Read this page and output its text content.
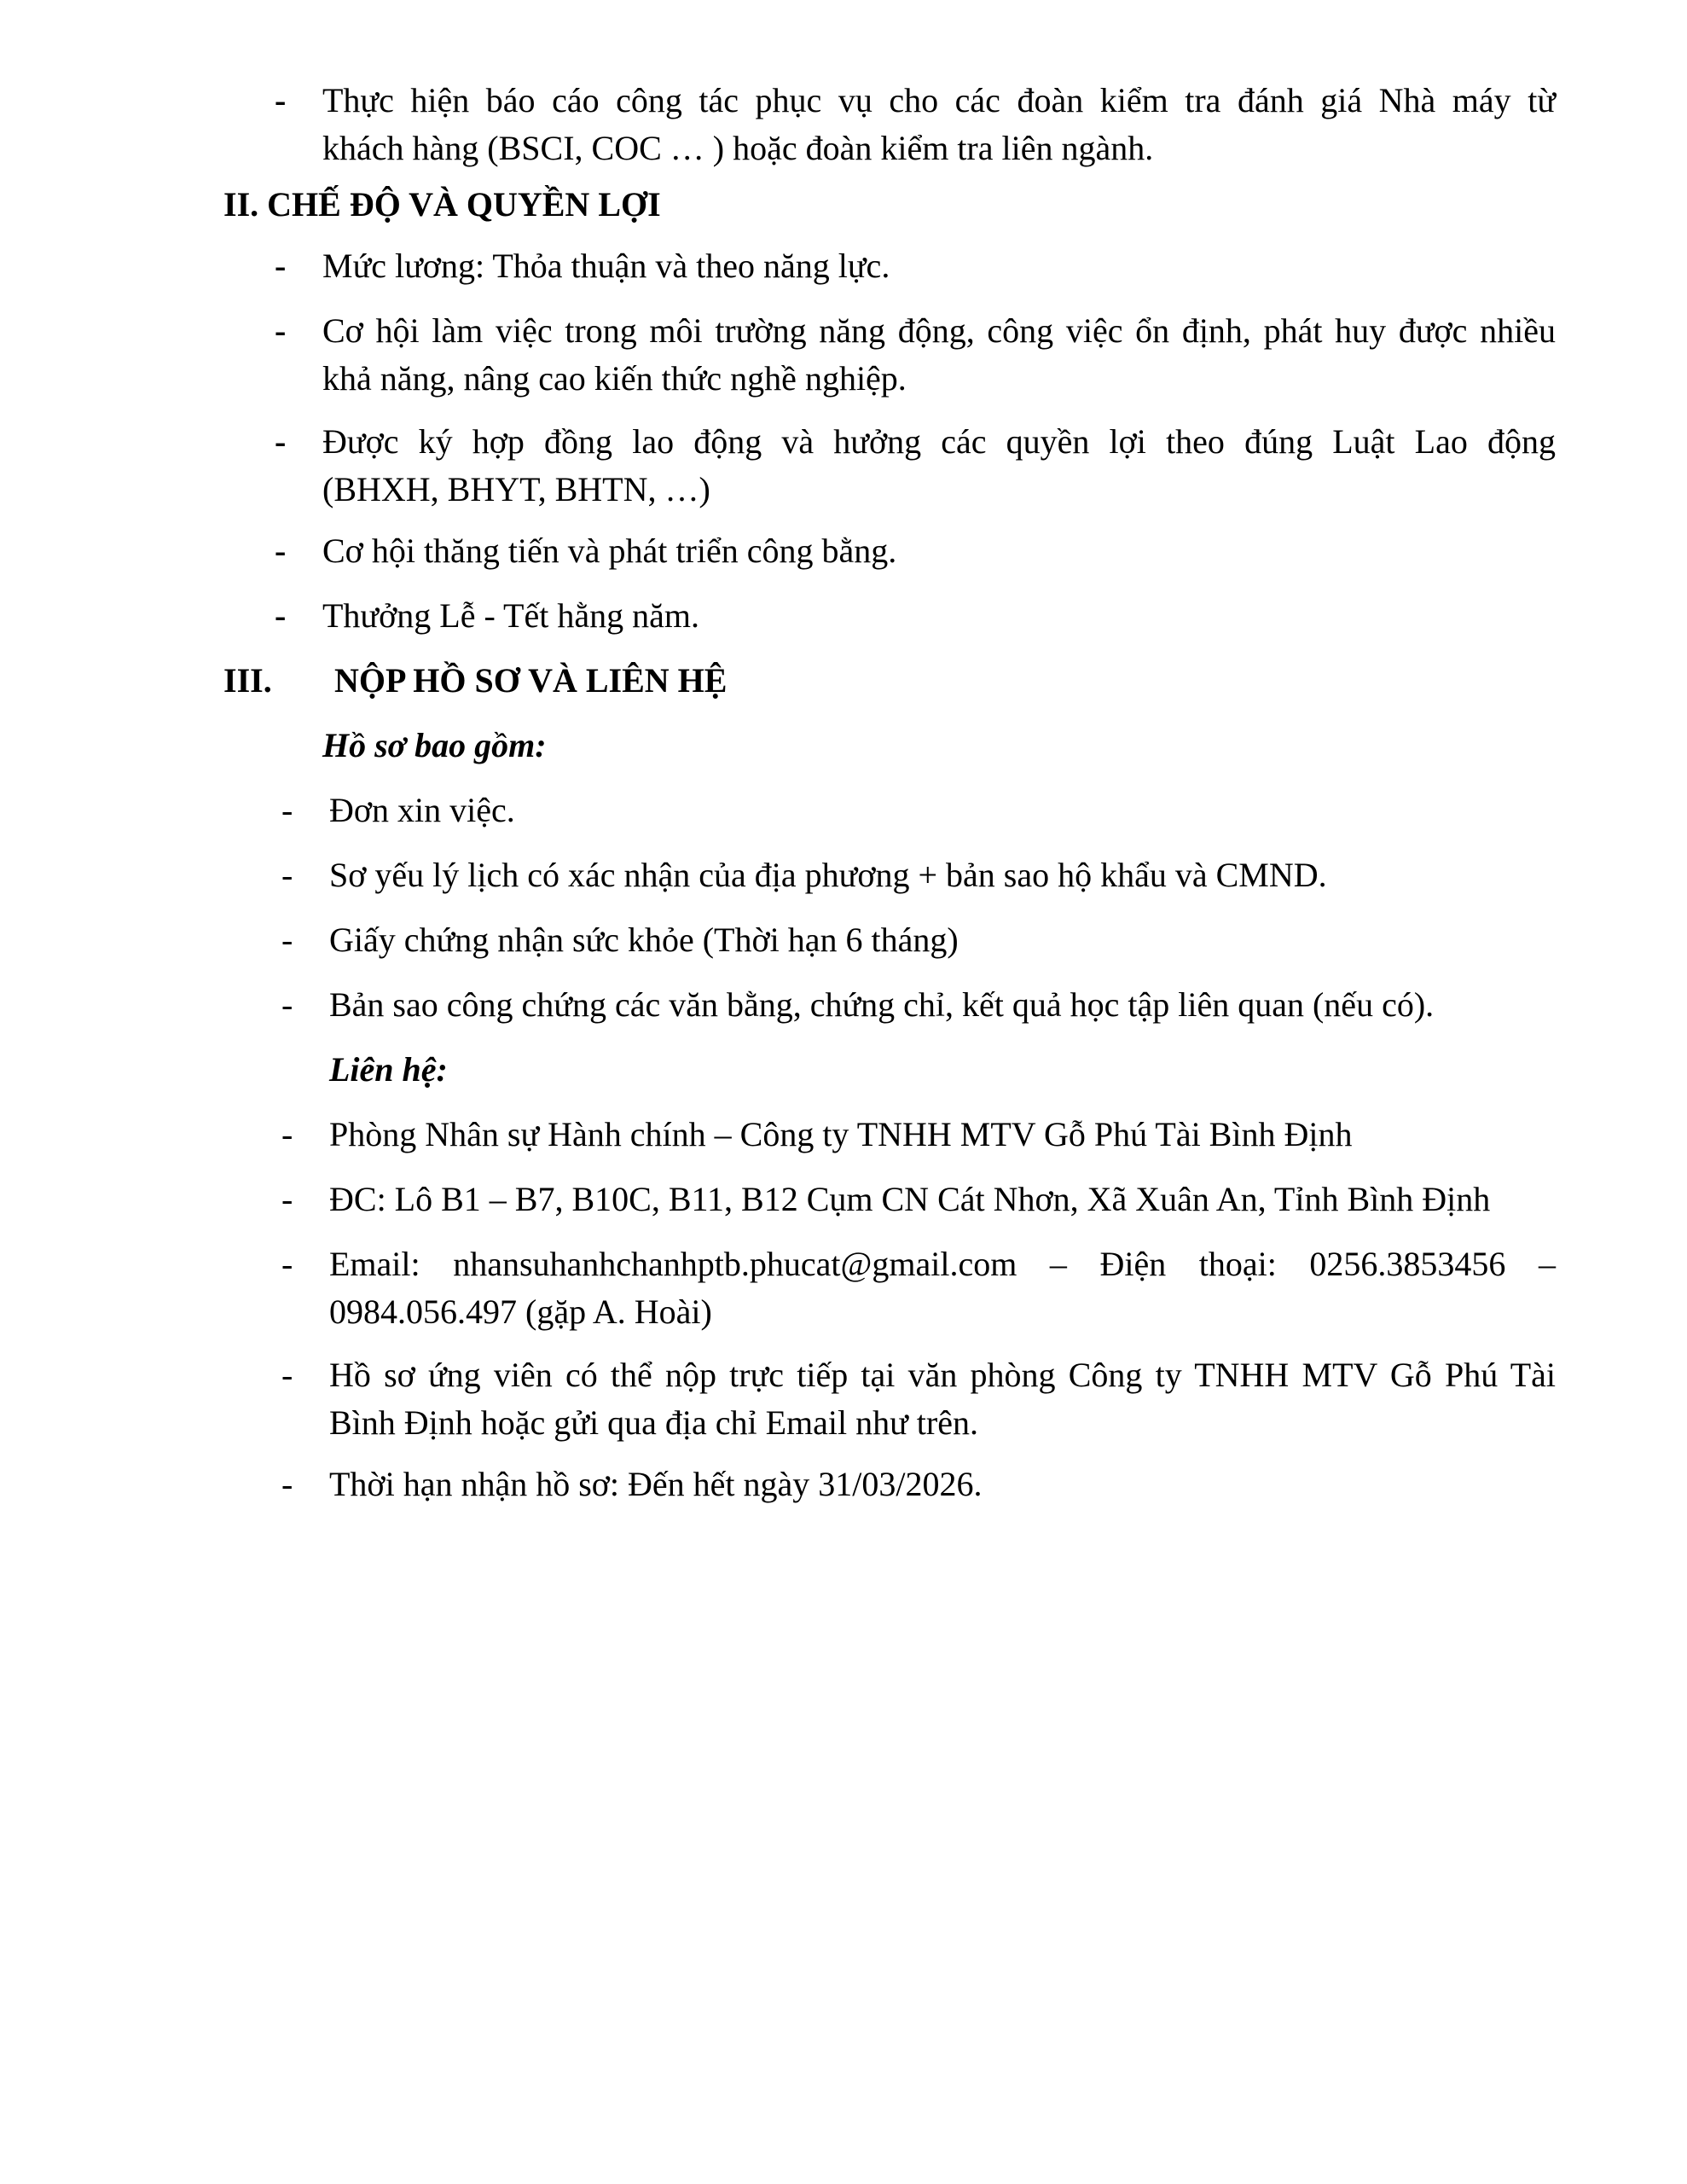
- Thực hiện báo cáo công tác phục vụ cho các đoàn kiểm tra đánh giá Nhà máy từ
khách hàng (BSCI, COC … ) hoặc đoàn kiểm tra liên ngành.
II. CHẾ ĐỘ VÀ QUYỀN LỢI
- Mức lương: Thỏa thuận và theo năng lực.
- Cơ hội làm việc trong môi trường năng động, công việc ổn định, phát huy được nhiều
khả năng, nâng cao kiến thức nghề nghiệp.
- Được ký hợp đồng lao động và hưởng các quyền lợi theo đúng Luật Lao động
(BHXH, BHYT, BHTN, …)
- Cơ hội thăng tiến và phát triển công bằng.
- Thưởng Lễ - Tết hằng năm.
III. NỘP HỒ SƠ VÀ LIÊN HỆ
Hồ sơ bao gồm:
- Đơn xin việc.
- Sơ yếu lý lịch có xác nhận của địa phương + bản sao hộ khẩu và CMND.
- Giấy chứng nhận sức khỏe (Thời hạn 6 tháng)
- Bản sao công chứng các văn bằng, chứng chỉ, kết quả học tập liên quan (nếu có).
Liên hệ:
- Phòng Nhân sự Hành chính – Công ty TNHH MTV Gỗ Phú Tài Bình Định
- ĐC: Lô B1 – B7, B10C, B11, B12 Cụm CN Cát Nhơn, Xã Xuân An, Tỉnh Bình Định
- Email: nhansuhanhchanhptb.phucat@gmail.com – Điện thoại: 0256.3853456 –
0984.056.497 (gặp A. Hoài)
- Hồ sơ ứng viên có thể nộp trực tiếp tại văn phòng Công ty TNHH MTV Gỗ Phú Tài
Bình Định hoặc gửi qua địa chỉ Email như trên.
- Thời hạn nhận hồ sơ: Đến hết ngày 31/03/2026.
